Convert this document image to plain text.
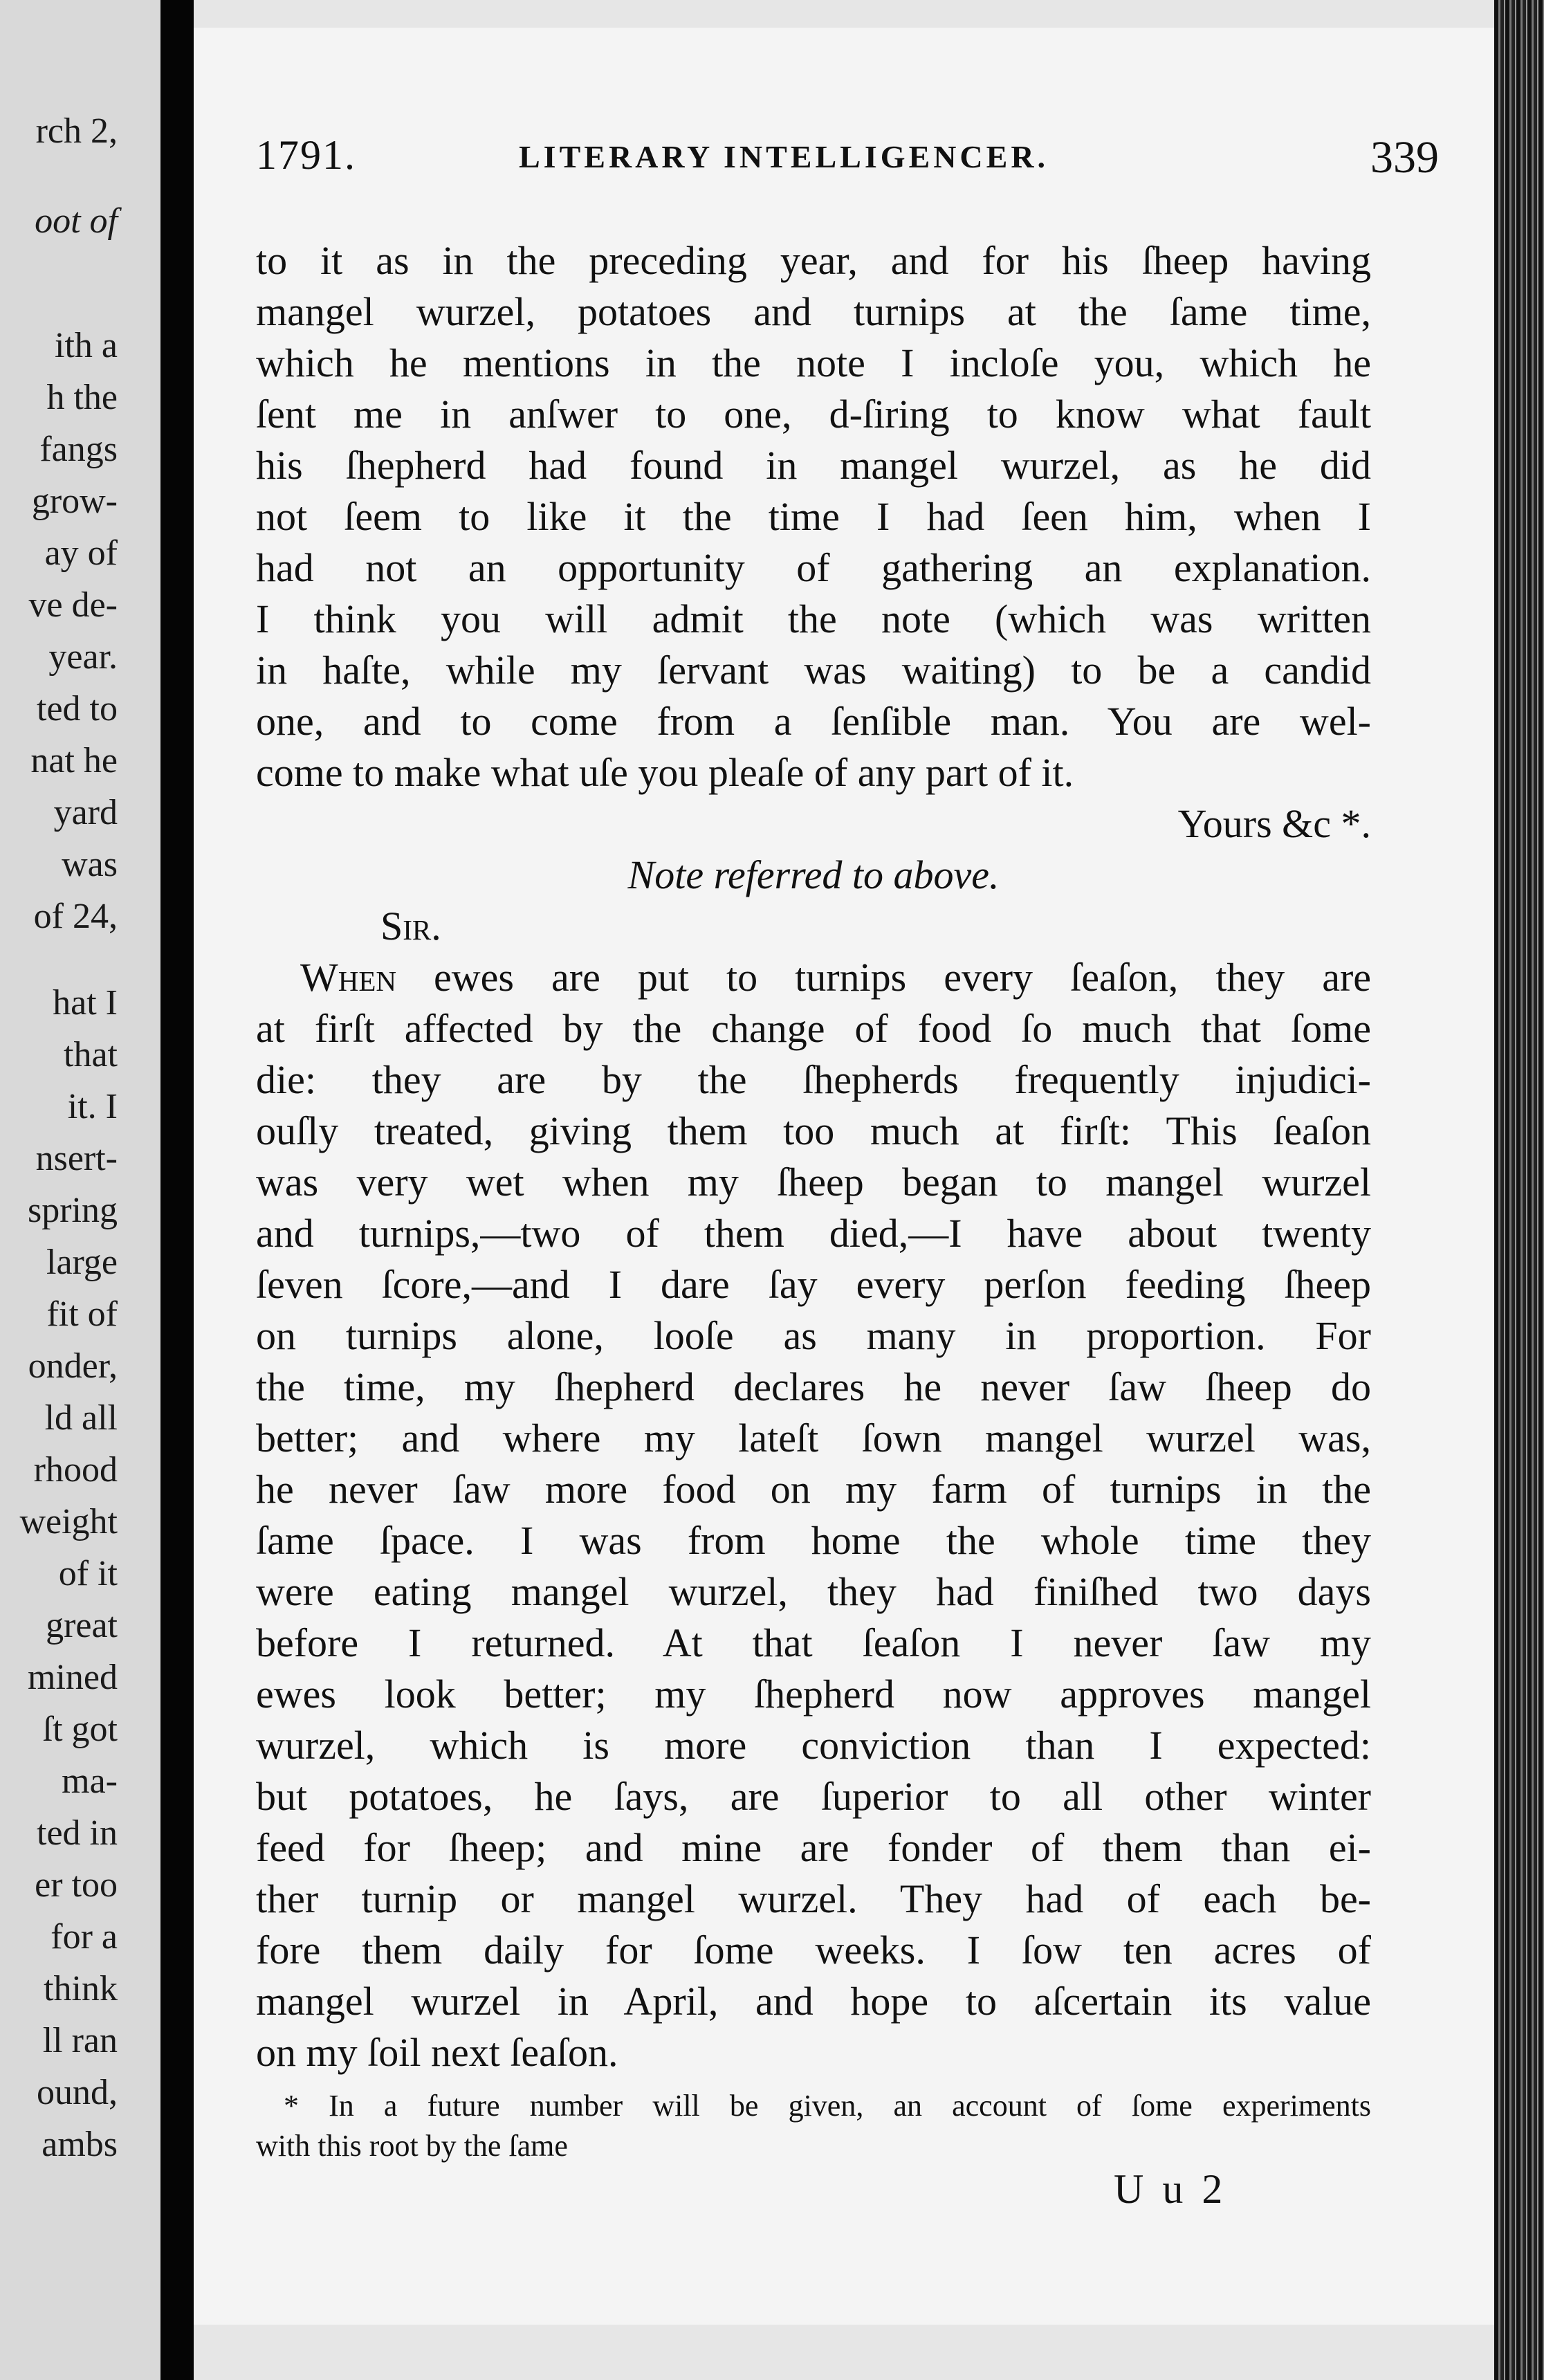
rch 2,
oot of
ith a
h the
fangs
grow-
ay of
ve de-
year.
ted to
nat he
yard
was
of 24,
hat I
that
it. I
nsert-
spring
large
fit of
onder,
ld all
rhood
weight
of it
great
mined
ſt got
ma-
ted in
er too
for a
think
ll ran
ound,
ambs
1791.	LITERARY INTELLIGENCER.	339
to it as in the preceding year, and for his ſheep having
mangel wurzel, potatoes and turnips at the ſame time,
which he mentions in the note I incloſe you, which he
ſent me in anſwer to one, d-ſiring to know what fault
his ſhepherd had found in mangel wurzel, as he did
not ſeem to like it the time I had ſeen him, when I
had not an opportunity of gathering an explanation.
I think you will admit the note (which was written
in haſte, while my ſervant was waiting) to be a candid
one, and to come from a ſenſible man. You are wel-
come to make what uſe you pleaſe of any part of it.
Yours &c *.
Note referred to above.
Sir.
When ewes are put to turnips every ſeaſon, they are
at firſt affected by the change of food ſo much that ſome
die: they are by the ſhepherds frequently injudici-
ouſly treated, giving them too much at firſt: This ſeaſon
was very wet when my ſheep began to mangel wurzel
and turnips,—two of them died,—I have about twenty
ſeven ſcore,—and I dare ſay every perſon feeding ſheep
on turnips alone, looſe as many in proportion. For
the time, my ſhepherd declares he never ſaw ſheep do
better; and where my lateſt ſown mangel wurzel was,
he never ſaw more food on my farm of turnips in the
ſame ſpace. I was from home the whole time they
were eating mangel wurzel, they had finiſhed two days
before I returned. At that ſeaſon I never ſaw my
ewes look better; my ſhepherd now approves mangel
wurzel, which is more conviction than I expected:
but potatoes, he ſays, are ſuperior to all other winter
feed for ſheep; and mine are fonder of them than ei-
ther turnip or mangel wurzel. They had of each be-
fore them daily for ſome weeks. I ſow ten acres of
mangel wurzel in April, and hope to aſcertain its value
on my ſoil next ſeaſon.
* In a future number will be given, an account of ſome experiments
with this root by the ſame
U u 2
